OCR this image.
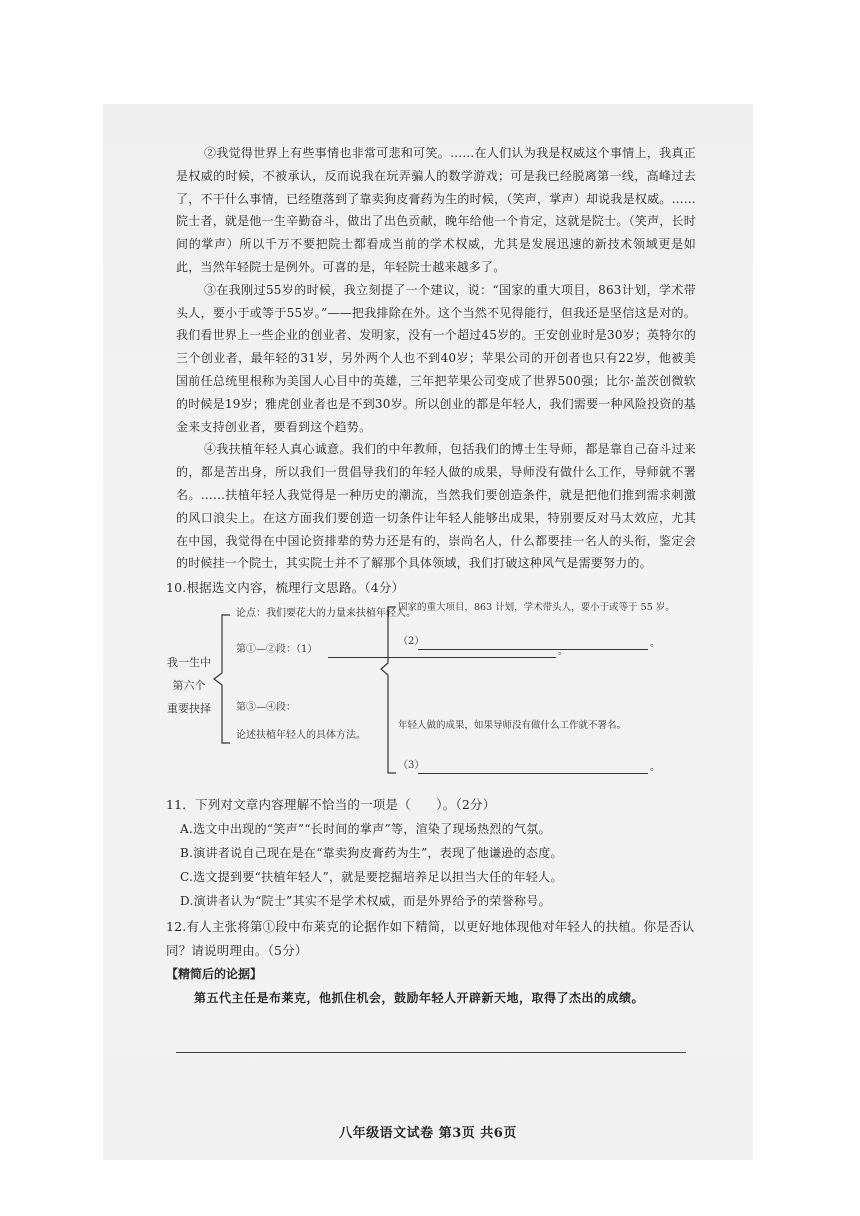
②我觉得世界上有些事情也非常可悲和可笑。……在人们认为我是权威这个事情上，我真正是权威的时候，不被承认，反而说我在玩弄骗人的数学游戏；可是我已经脱离第一线，高峰过去了，不干什么事情，已经堕落到了靠卖狗皮膏药为生的时候，（笑声，掌声）却说我是权威。……院士者，就是他一生辛勤奋斗，做出了出色贡献，晚年给他一个肯定，这就是院士。（笑声，长时间的掌声）所以千万不要把院士都看成当前的学术权威，尤其是发展迅速的新技术领域更是如此，当然年轻院士是例外。可喜的是，年轻院士越来越多了。

③在我刚过55岁的时候，我立刻提了一个建议，说：“国家的重大项目，863计划，学术带头人，要小于或等于55岁。”——把我排除在外。这个当然不见得能行，但我还是坚信这是对的。我们看世界上一些企业的创业者、发明家，没有一个超过45岁的。王安创业时是30岁；英特尔的三个创业者，最年轻的31岁，另外两个人也不到40岁；苹果公司的开创者也只有22岁，他被美国前任总统里根称为美国人心目中的英雄，三年把苹果公司变成了世界500强；比尔·盖茨创微软的时候是19岁；雅虎创业者也是不到30岁。所以创业的都是年轻人，我们需要一种风险投资的基金来支持创业者，要看到这个趋势。

④我扶植年轻人真心诚意。我们的中年教师，包括我们的博士生导师，都是靠自己奋斗过来的，都是苦出身，所以我们一贯倡导我们的年轻人做的成果，导师没有做什么工作，导师就不署名。……扶植年轻人我觉得是一种历史的潮流，当然我们要创造条件，就是把他们推到需求刺激的风口浪尖上。在这方面我们要创造一切条件让年轻人能够出成果，特别要反对马太效应，尤其在中国，我觉得在中国论资排辈的势力还是有的，崇尚名人，什么都要挂一名人的头衔，鉴定会的时候挂一个院士，其实院士并不了解那个具体领域，我们打破这种风气是需要努力的。

10.根据选文内容，梳理行文思路。（4分）
我一生中
第六个
重要抉择
论点：我们要花大的力量来扶植年轻人。
第①—②段：（1）	。
第③—④段：
论述扶植年轻人的具体方法。
国家的重大项目，863 计划，学术带头人，要小于或等于 55 岁。
（2）	。
年轻人做的成果，如果导师没有做什么工作就不署名。
（3）	。
11．下列对文章内容理解不恰当的一项是（　　）。（2分）
A.选文中出现的“笑声”“长时间的掌声”等，渲染了现场热烈的气氛。
B.演讲者说自己现在是在“靠卖狗皮膏药为生”，表现了他谦逊的态度。
C.选文提到要“扶植年轻人”，就是要挖掘培养足以担当大任的年轻人。
D.演讲者认为“院士”其实不是学术权威，而是外界给予的荣誉称号。
12.有人主张将第①段中布莱克的论据作如下精简，以更好地体现他对年轻人的扶植。你是否认同？请说明理由。（5分）
【精简后的论据】
第五代主任是布莱克，他抓住机会，鼓励年轻人开辟新天地，取得了杰出的成绩。
八年级语文试卷 第3页 共6页
